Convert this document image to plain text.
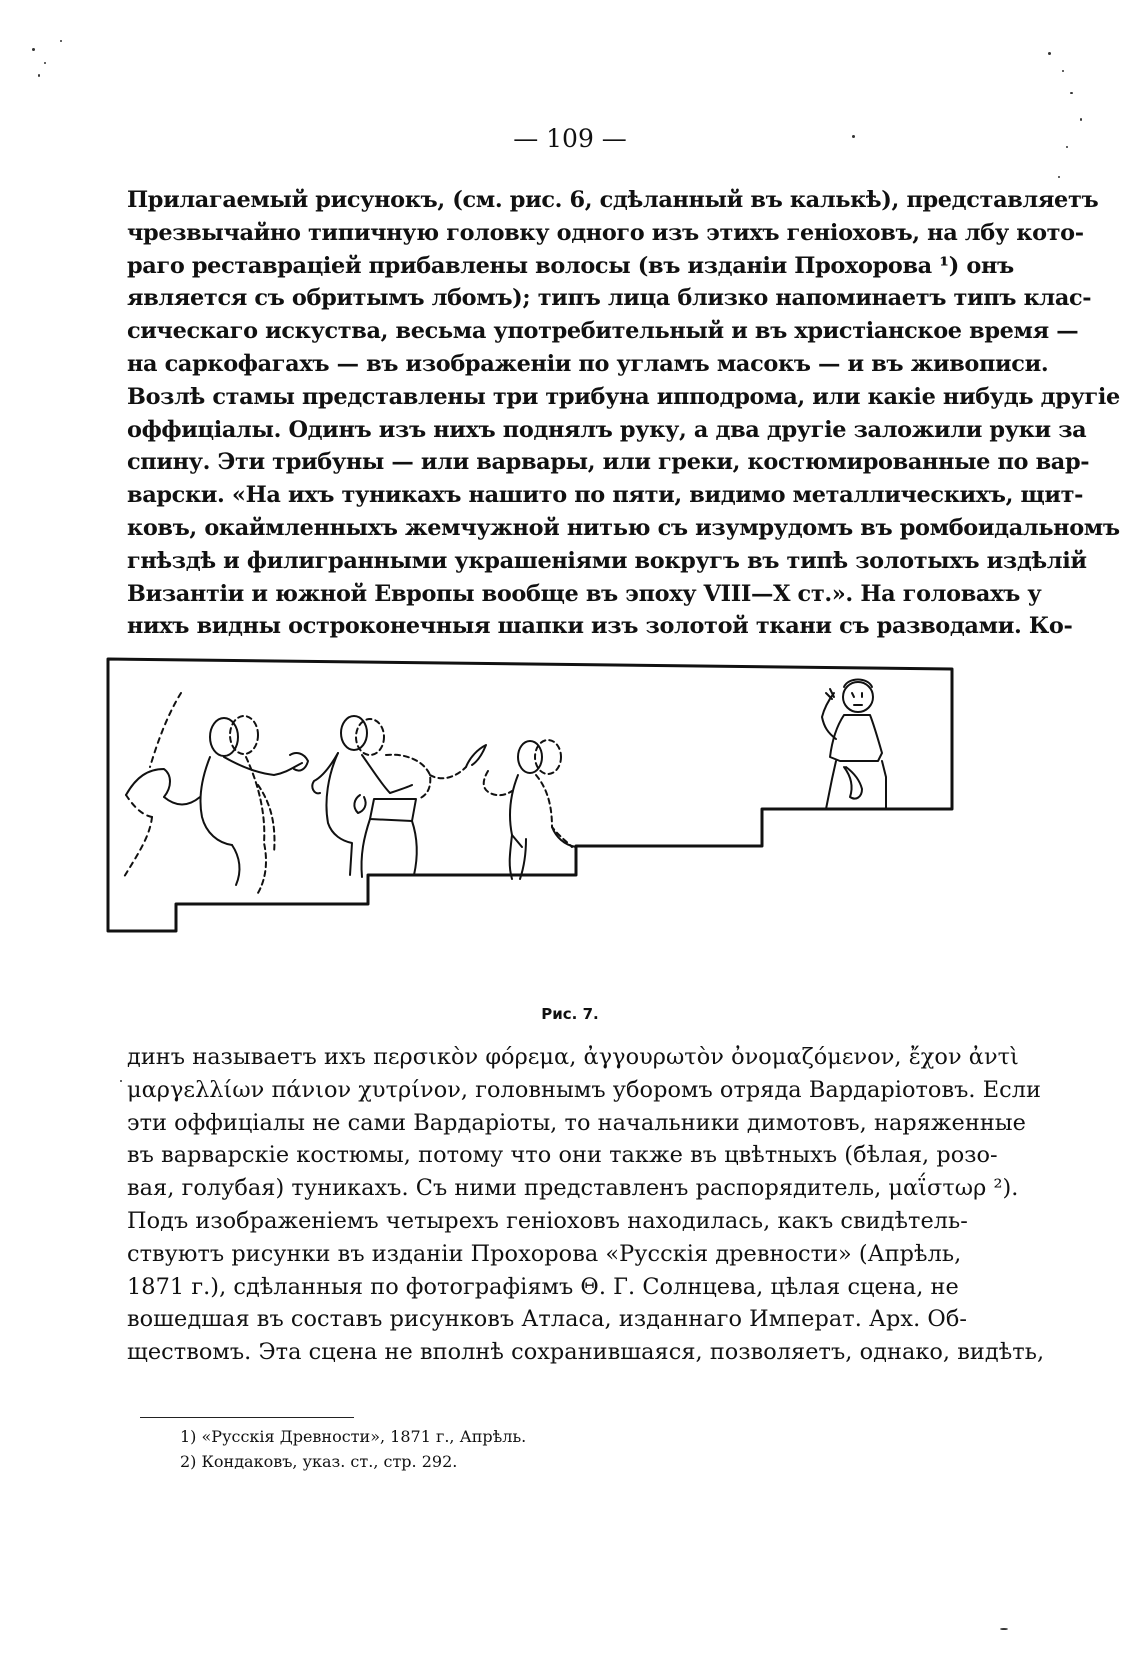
— 109 —
Прилагаемый рисунокъ, (см. рис. 6, сдѣланный въ калькѣ), представляетъ
чрезвычайно типичную головку одного изъ этихъ геніоховъ, на лбу кото-
раго реставраціей прибавлены волосы (въ изданіи Прохорова ¹) онъ
является съ обритымъ лбомъ); типъ лица близко напоминаетъ типъ клас-
сическаго искуства, весьма употребительный и въ христіанское время —
на саркофагахъ — въ изображеніи по угламъ масокъ — и въ живописи.
Возлѣ стамы представлены три трибуна ипподрома, или какіе нибудь другіе
оффиціалы. Одинъ изъ нихъ поднялъ руку, а два другіе заложили руки за
спину. Эти трибуны — или варвары, или греки, костюмированные по вар-
варски. «На ихъ туникахъ нашито по пяти, видимо металлическихъ, щит-
ковъ, окаймленныхъ жемчужной нитью съ изумрудомъ въ ромбоидальномъ
гнѣздѣ и филигранными украшеніями вокругъ въ типѣ золотыхъ издѣлій
Византіи и южной Европы вообще въ эпоху VIII—X ст.». На головахъ у
нихъ видны остроконечныя шапки изъ золотой ткани съ разводами. Ко-
Рис. 7.
динъ называетъ ихъ περσικὸν φόρεμα, ἀγγουρωτὸν ὀνομαζόμενον, ἔχον ἀντὶ
μαργελλίων πάνιον χυτρίνον, головнымъ уборомъ отряда Вардаріотовъ. Если
эти оффиціалы не сами Вардаріоты, то начальники димотовъ, наряженные
въ варварскіе костюмы, потому что они также въ цвѣтныхъ (бѣлая, розо-
вая, голубая) туникахъ. Съ ними представленъ распорядитель, μαΐστωρ ²).
Подъ изображеніемъ четырехъ геніоховъ находилась, какъ свидѣтель-
ствуютъ рисунки въ изданіи Прохорова «Русскія древности» (Апрѣль,
1871 г.), сдѣланныя по фотографіямъ Θ. Г. Солнцева, цѣлая сцена, не
вошедшая въ составъ рисунковъ Атласа, изданнаго Императ. Арх. Об-
ществомъ. Эта сцена не вполнѣ сохранившаяся, позволяетъ, однако, видѣть,
1) «Русскія Древности», 1871 г., Апрѣль.
2) Кондаковъ, указ. ст., стр. 292.
